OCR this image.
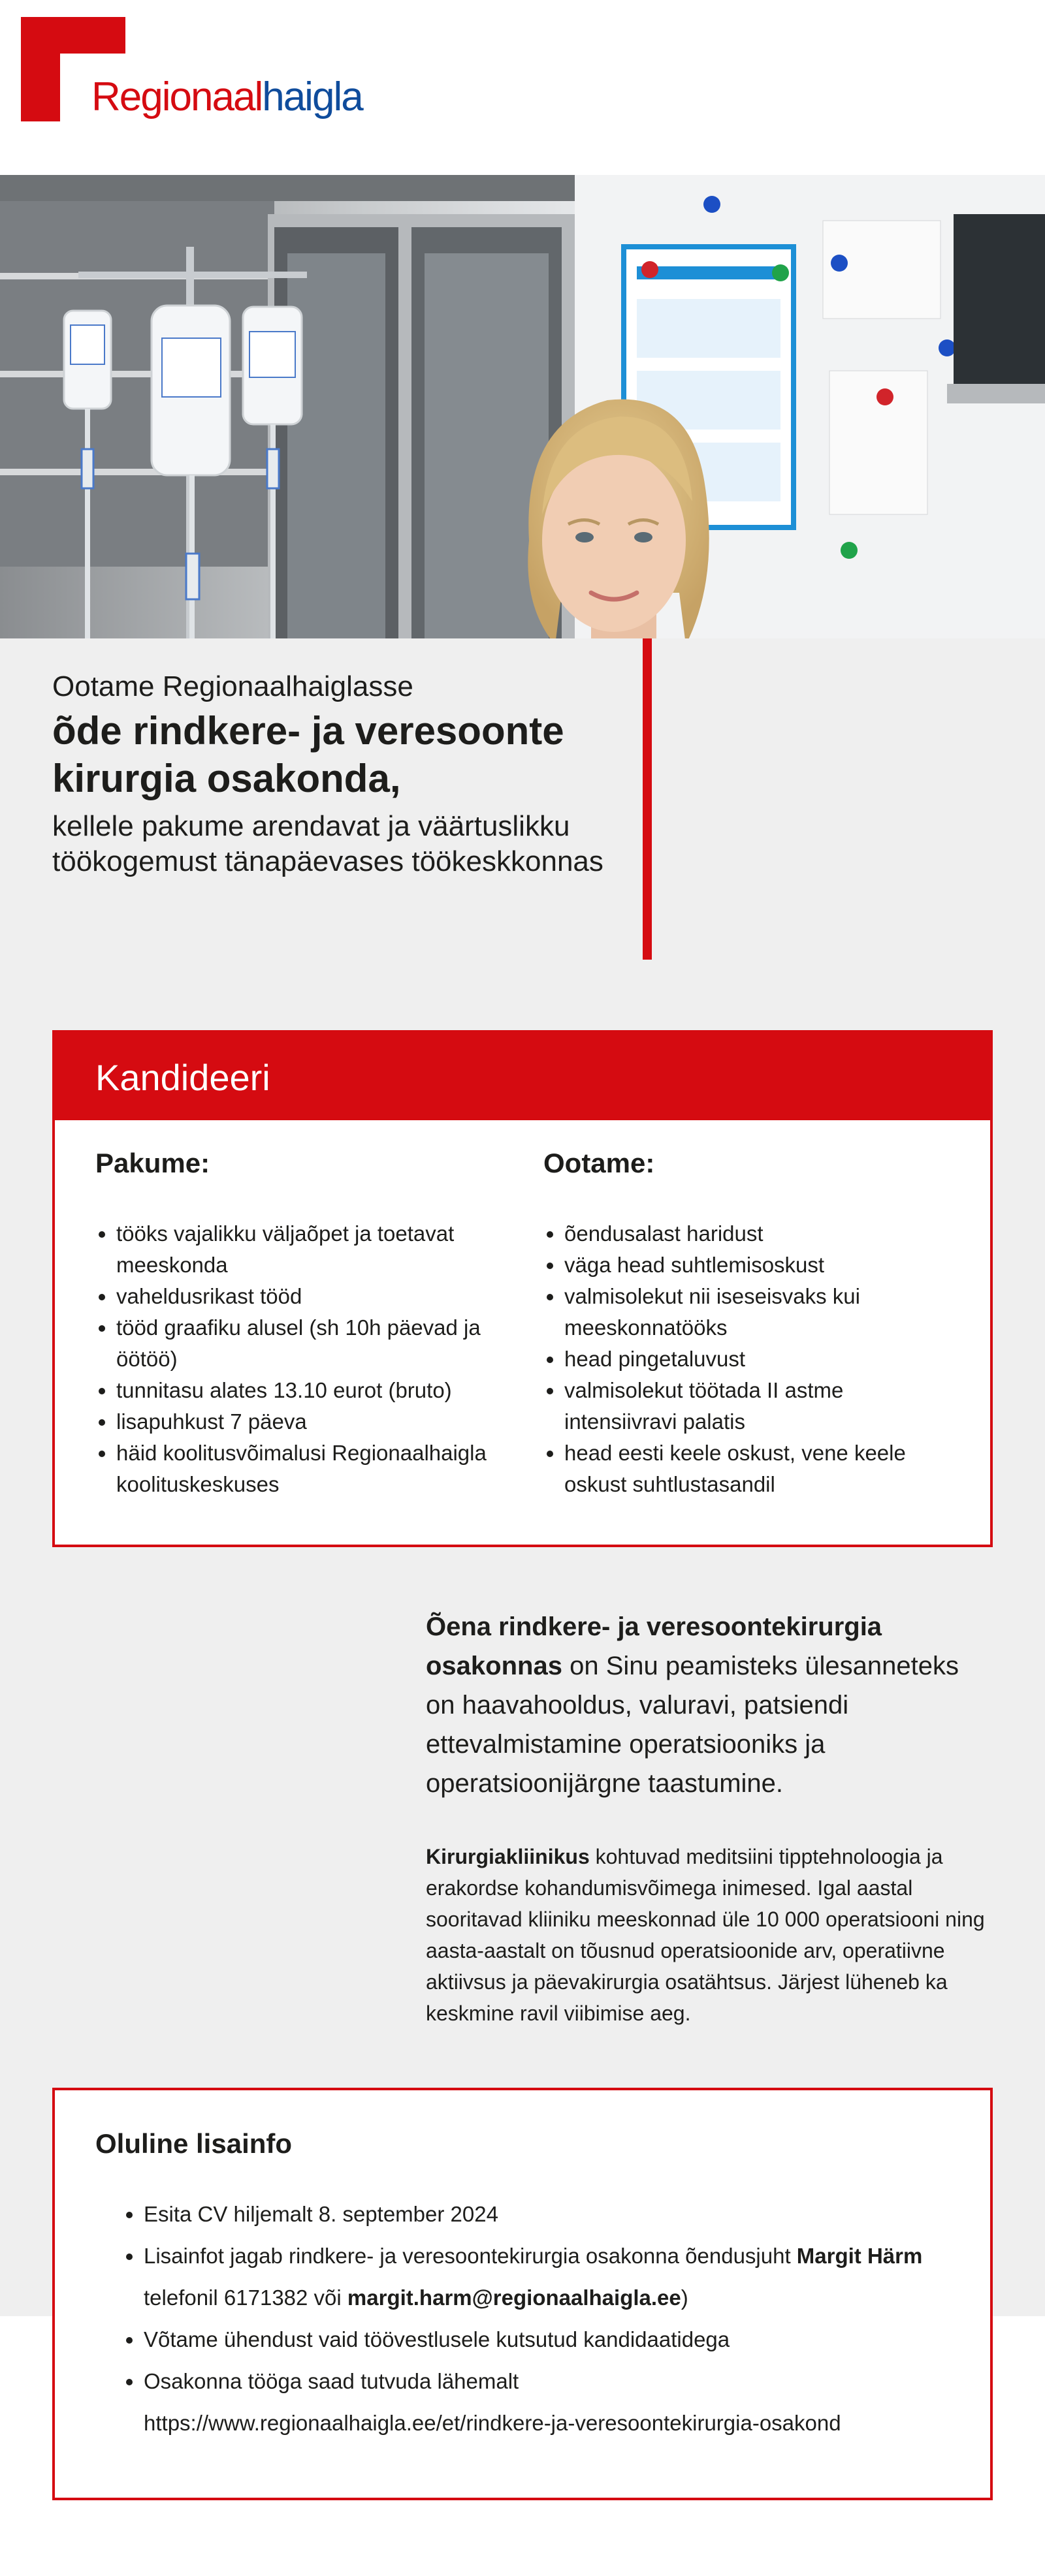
Regionaalhaigla

Ootame Regionaalhaiglasse

õde rindkere- ja veresoonte kirurgia osakonda,

kellele pakume arendavat ja väärtuslikku töökogemust tänapäevases töökeskkonnas

Kandideeri
Pakume:
• tööks vajalikku väljaõpet ja toetavat meeskonda
• vaheldusrikast tööd
• tööd graafiku alusel (sh 10h päevad ja öötöö)
• tunnitasu alates 13.10 eurot (bruto)
• lisapuhkust 7 päeva
• häid koolitusvõimalusi Regionaalhaigla koolituskeskuses
Ootame:
• õendusalast haridust
• väga head suhtlemisoskust
• valmisolekut nii iseseisvaks kui meeskonnatööks
• head pingetaluvust
• valmisolekut töötada II astme intensiivravi palatis
• head eesti keele oskust, vene keele oskust suhtlustasandil

Õena rindkere- ja veresoontekirurgia osakonnas on Sinu peamisteks ülesanneteks on haavahooldus, valuravi, patsiendi ettevalmistamine operatsiooniks ja operatsioonijärgne taastumine.

Kirurgiakliinikus kohtuvad meditsiini tipptehnoloogia ja erakordse kohandumisvõimega inimesed. Igal aastal sooritavad kliiniku meeskonnad üle 10 000 operatsiooni ning aasta-aastalt on tõusnud operatsioonide arv, operatiivne aktiivsus ja päevakirurgia osatähtsus. Järjest lüheneb ka keskmine ravil viibimise aeg.

Oluline lisainfo
• Esita CV hiljemalt 8. september 2024
• Lisainfot jagab rindkere- ja veresoontekirurgia osakonna õendusjuht Margit Härm telefonil 6171382 või margit.harm@regionaalhaigla.ee)
• Võtame ühendust vaid töövestlusele kutsutud kandidaatidega
• Osakonna tööga saad tutvuda lähemalt
https://www.regionaalhaigla.ee/et/rindkere-ja-veresoontekirurgia-osakond
